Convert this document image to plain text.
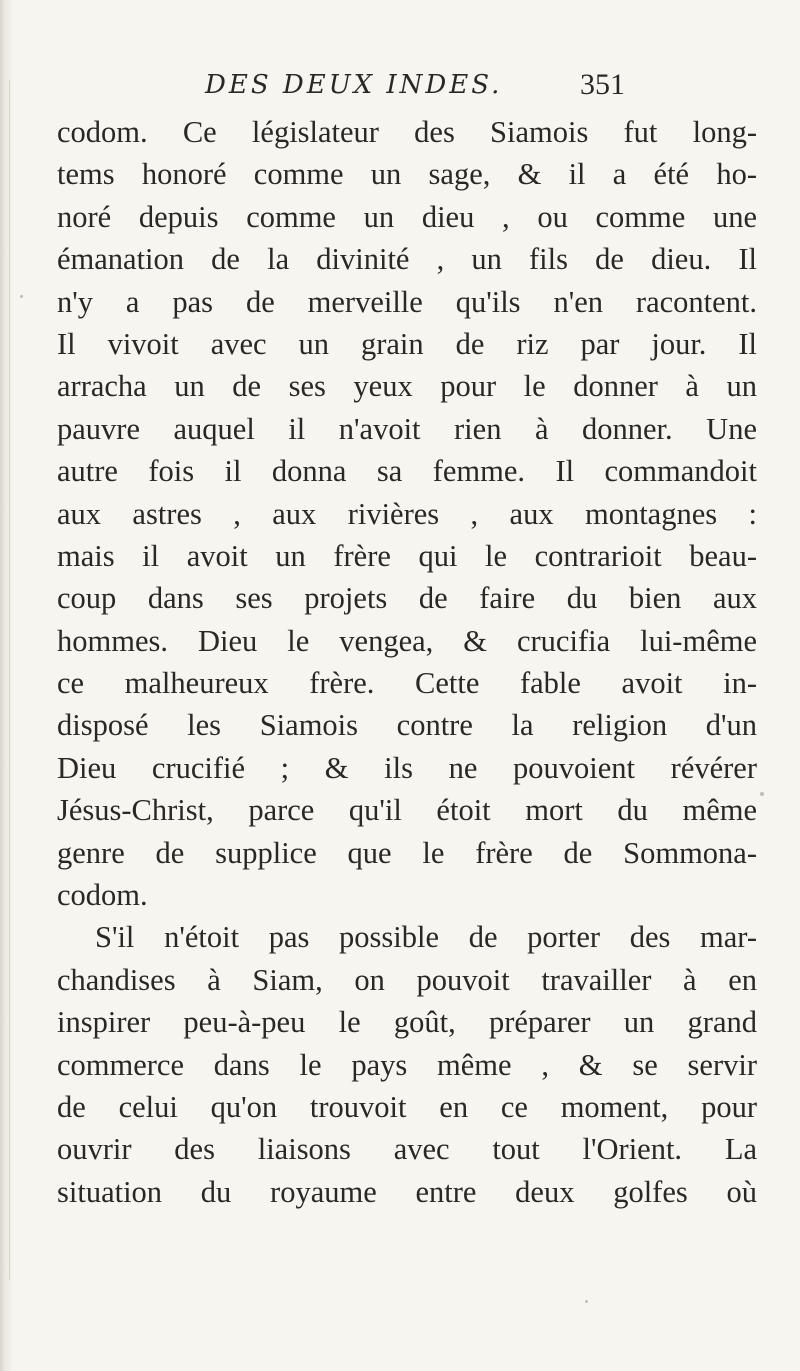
DES DEUX INDES.	351
codom. Ce législateur des Siamois fut long-
tems honoré comme un sage, & il a été ho-
noré depuis comme un dieu , ou comme une
émanation de la divinité , un fils de dieu. Il
n'y a pas de merveille qu'ils n'en racontent.
Il vivoit avec un grain de riz par jour. Il
arracha un de ses yeux pour le donner à un
pauvre auquel il n'avoit rien à donner. Une
autre fois il donna sa femme. Il commandoit
aux astres , aux rivières , aux montagnes :
mais il avoit un frère qui le contrarioit beau-
coup dans ses projets de faire du bien aux
hommes. Dieu le vengea, & crucifia lui-même
ce malheureux frère. Cette fable avoit in-
disposé les Siamois contre la religion d'un
Dieu crucifié ; & ils ne pouvoient révérer
Jésus-Christ, parce qu'il étoit mort du même
genre de supplice que le frère de Sommona-
codom.
S'il n'étoit pas possible de porter des mar-
chandises à Siam, on pouvoit travailler à en
inspirer peu-à-peu le goût, préparer un grand
commerce dans le pays même , & se servir
de celui qu'on trouvoit en ce moment, pour
ouvrir des liaisons avec tout l'Orient. La
situation du royaume entre deux golfes où
